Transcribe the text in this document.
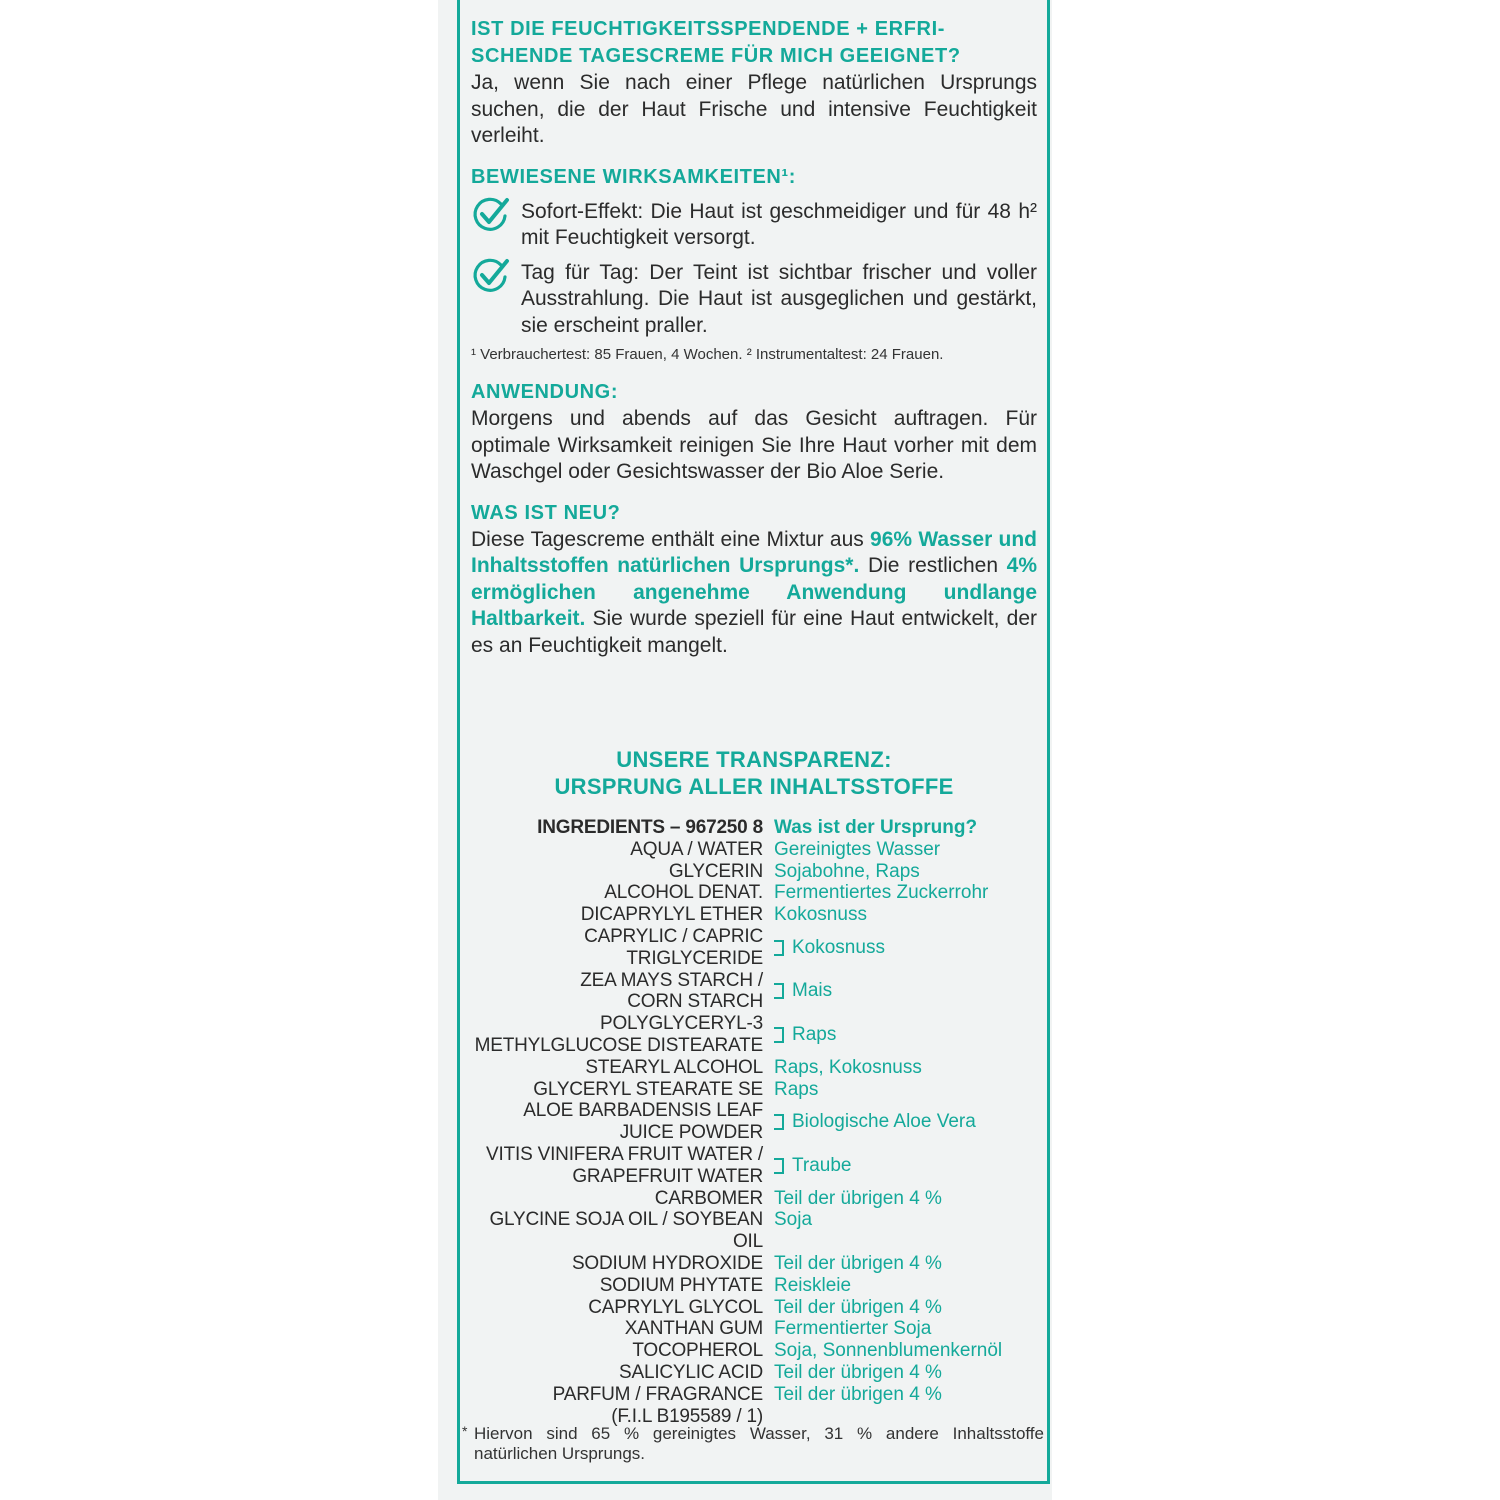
IST DIE FEUCHTIGKEITSSPENDENDE + ERFRI-
SCHENDE TAGESCREME FÜR MICH GEEIGNET?

Ja, wenn Sie nach einer Pflege natürlichen Ursprungs suchen, die der Haut Frische und intensive Feuchtigkeit verleiht.

BEWIESENE WIRKSAMKEITEN¹:

Sofort-Effekt: Die Haut ist geschmeidiger und für 48 h² mit Feuchtigkeit versorgt.

Tag für Tag: Der Teint ist sichtbar frischer und voller Ausstrahlung. Die Haut ist ausgeglichen und gestärkt, sie erscheint praller.

¹ Verbrauchertest: 85 Frauen, 4 Wochen. ² Instrumentaltest: 24 Frauen.

ANWENDUNG:

Morgens und abends auf das Gesicht auftragen. Für optimale Wirksamkeit reinigen Sie Ihre Haut vorher mit dem Waschgel oder Gesichtswasser der Bio Aloe Serie.

WAS IST NEU?

Diese Tagescreme enthält eine Mixtur aus 96% Wasser und Inhaltsstoffen natürlichen Ursprungs*. Die restlichen 4% ermöglichen angenehme Anwendung undlange Haltbarkeit. Sie wurde speziell für eine Haut entwickelt, der es an Feuchtigkeit mangelt.

UNSERE TRANSPARENZ:
URSPRUNG ALLER INHALTSSTOFFE
INGREDIENTS – 967250 8 Was ist der Ursprung?
AQUA / WATER Gereinigtes Wasser
GLYCERIN Sojabohne, Raps
ALCOHOL DENAT. Fermentiertes Zuckerrohr
DICAPRYLYL ETHER Kokosnuss
CAPRYLIC / CAPRIC
TRIGLYCERIDE
Kokosnuss
ZEA MAYS STARCH /
CORN STARCH
Mais
POLYGLYCERYL-3
METHYLGLUCOSE DISTEARATE
Raps
STEARYL ALCOHOL Raps, Kokosnuss
GLYCERYL STEARATE SE Raps
ALOE BARBADENSIS LEAF
JUICE POWDER
Biologische Aloe Vera
VITIS VINIFERA FRUIT WATER /
GRAPEFRUIT WATER
Traube
CARBOMER Teil der übrigen 4 %
GLYCINE SOJA OIL / SOYBEAN OIL
Soja
SODIUM HYDROXIDE Teil der übrigen 4 %
SODIUM PHYTATE Reiskleie
CAPRYLYL GLYCOL Teil der übrigen 4 %
XANTHAN GUM Fermentierter Soja
TOCOPHEROL Soja, Sonnenblumenkernöl
SALICYLIC ACID Teil der übrigen 4 %
PARFUM / FRAGRANCE Teil der übrigen 4 %
(F.I.L B195589 / 1)
* Hiervon sind 65 % gereinigtes Wasser, 31 % andere Inhaltsstoffe natürlichen Ursprungs.
